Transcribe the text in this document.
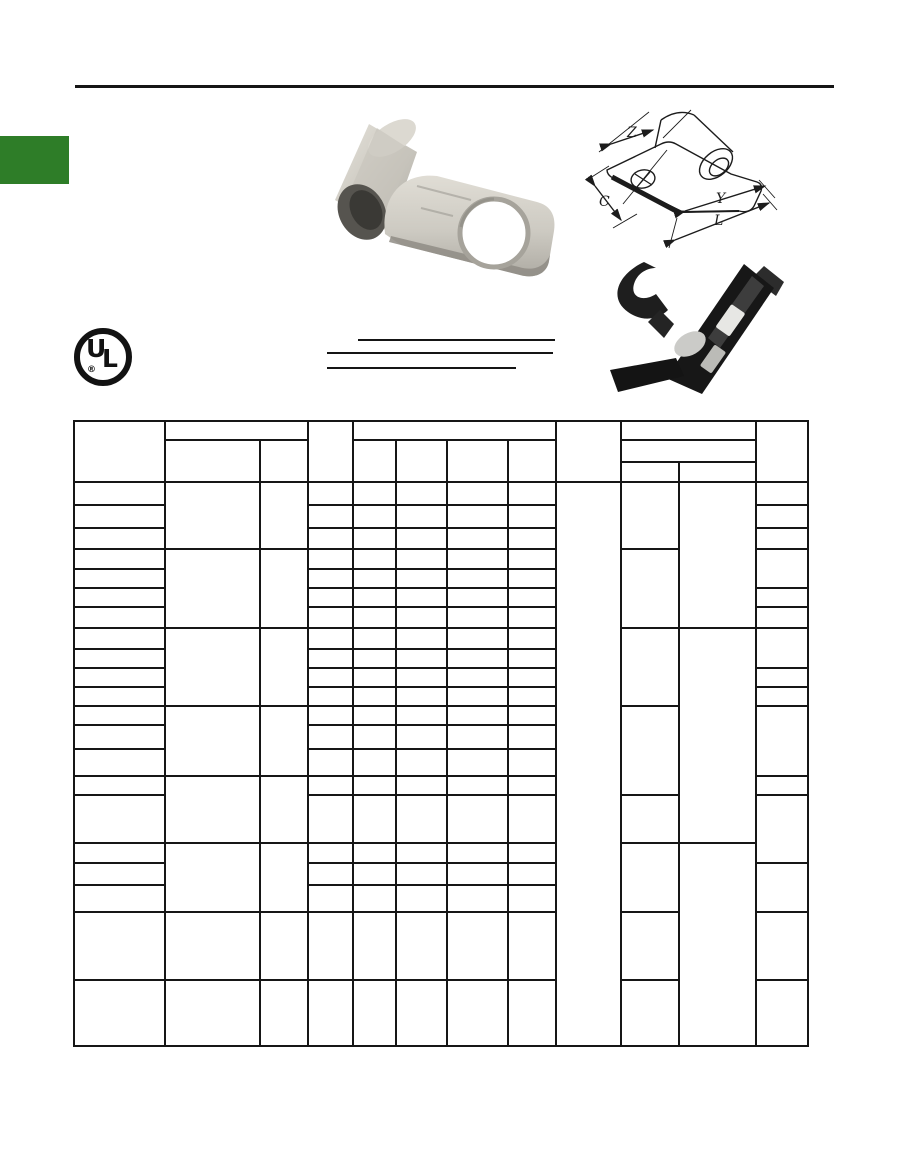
Z
C	Y
L
U
L
®
